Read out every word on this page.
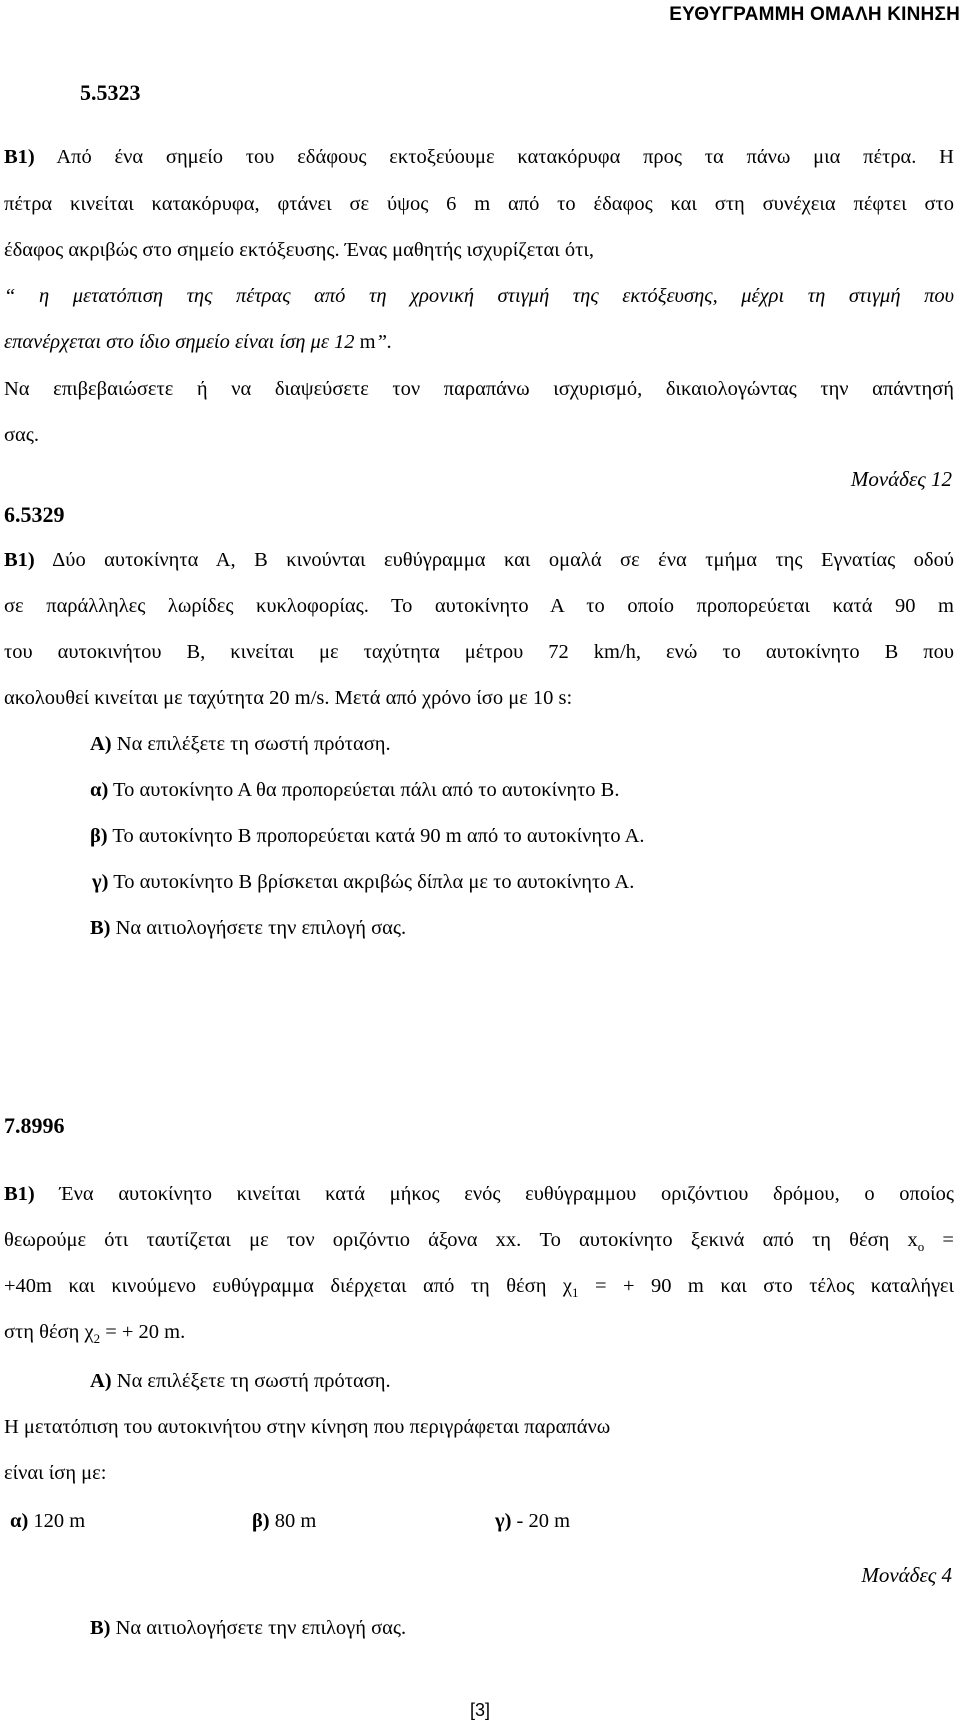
ΕΥΘΥΓΡΑΜΜΗ ΟΜΑΛΗ ΚΙΝΗΣΗ
5.5323
Β1) Από ένα σημείο του εδάφους εκτοξεύουμε κατακόρυφα προς τα πάνω μια πέτρα. Η
πέτρα κινείται κατακόρυφα, φτάνει σε ύψος 6 m από το έδαφος και στη συνέχεια πέφτει στο
έδαφος ακριβώς στο σημείο εκτόξευσης. Ένας μαθητής ισχυρίζεται ότι,
“ η μετατόπιση της πέτρας από τη χρονική στιγμή της εκτόξευσης, μέχρι τη στιγμή που
επανέρχεται στο ίδιο σημείο είναι ίση με 12 m”.
Να επιβεβαιώσετε ή να διαψεύσετε τον παραπάνω ισχυρισμό, δικαιολογώντας την απάντησή
σας.
Μονάδες 12
6.5329
Β1) Δύο αυτοκίνητα Α, Β κινούνται ευθύγραμμα και ομαλά σε ένα τμήμα της Εγνατίας οδού
σε παράλληλες λωρίδες κυκλοφορίας. Το αυτοκίνητο Α το οποίο προπορεύεται κατά 90 m
του αυτοκινήτου Β, κινείται με ταχύτητα μέτρου 72 km/h, ενώ το αυτοκίνητο Β που
ακολουθεί κινείται με ταχύτητα 20 m/s. Μετά από χρόνο ίσο με 10 s:
Α) Να επιλέξετε τη σωστή πρόταση.
α) Το αυτοκίνητο Α θα προπορεύεται πάλι από το αυτοκίνητο Β.
β) Το αυτοκίνητο Β προπορεύεται κατά 90 m από το αυτοκίνητο Α.
γ) Το αυτοκίνητο Β βρίσκεται ακριβώς δίπλα με το αυτοκίνητο Α.
Β) Να αιτιολογήσετε την επιλογή σας.
7.8996
Β1) Ένα αυτοκίνητο κινείται κατά μήκος ενός ευθύγραμμου οριζόντιου δρόμου, ο οποίος
θεωρούμε ότι ταυτίζεται με τον οριζόντιο άξονα xx. Το αυτοκίνητο ξεκινά από τη θέση $x_o$ =
+40m και κινούμενο ευθύγραμμα διέρχεται από τη θέση $\chi_1$ = + 90 m και στο τέλος καταλήγει
στη θέση $\chi_2$ = + 20 m.
Α) Να επιλέξετε τη σωστή πρόταση.
Η μετατόπιση του αυτοκινήτου στην κίνηση που περιγράφεται παραπάνω
είναι ίση με:
α) 120 m	β) 80 m	γ) - 20 m
Μονάδες 4
Β) Να αιτιολογήσετε την επιλογή σας.
[3]
